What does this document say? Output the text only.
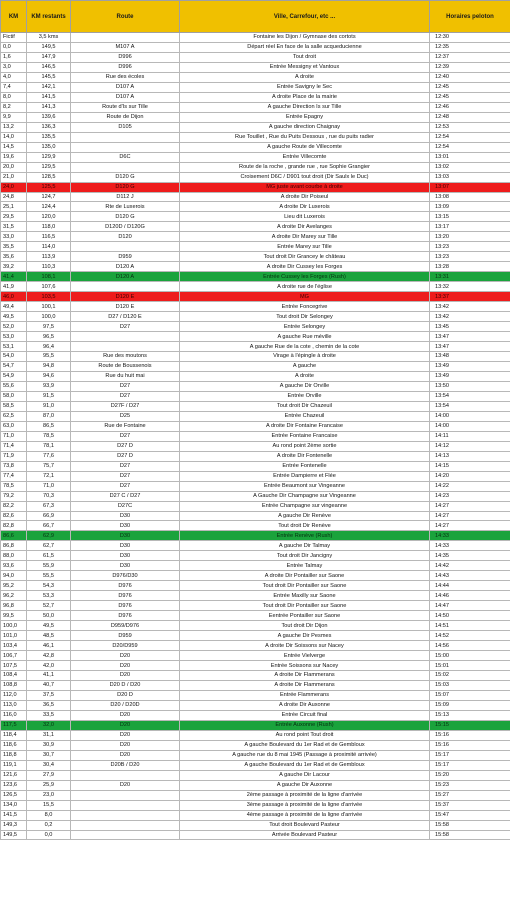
KM	KM restants	Route	Ville, Carrefour, etc ...	Horaires peloton
Fictif	3,5 kms		Fontaine les Dijon / Gymnase des cortots	12:30
0,0	149,5	M107 A	Départ réel En face de la salle acqueducienne	12:35
1,6	147,9	D996	Tout droit	12:37
3,0	146,5	D996	Entrée Messigny et Vantoux	12:39
4,0	145,5	Rue des écoles	A droite	12:40
7,4	142,1	D107 A	Entrée Savigny le Sec	12:45
8,0	141,5	D107 A	A droite Place de la mairie	12:45
8,2	141,3	Route d'Is sur Tille	A gauche Direction Is sur Tille	12:46
9,9	139,6	Route de Dijon	Entrée Epagny	12:48
13,2	136,3	D105	A gauche direction Chaignay	12:53
14,0	135,5		Rue Touillet , Rue du Puits Dessous , rue du puits radier	12:54
14,5	135,0		A gauche Route de Villecomte	12:54
19,6	129,9	D6C	Entrée Villecomte	13:01
20,0	129,5		Route de la roche , grande rue , rue Sophie Grangier	13:02
21,0	128,5	D120 G	Croisement D6C / D901 tout droit (Dir Saulx le Duc)	13:03
24,0	125,5	D120 G	MG juste avant courbe à droite	13:07
24,8	124,7	D112 J	A droite Dir Poiseul	13:08
25,1	124,4	Rte de Luxerois	A droite Dir Luxerois	13:09
29,5	120,0	D120 G	Lieu dit Luxerois	13:15
31,5	118,0	D120D / D120G	A droite Dir Avelanges	13:17
33,0	116,5	D120	A droite Dir Marey sur Tille	13:20
35,5	114,0		Entrée Marey sur Tille	13:23
35,6	113,9	D959	Tout droit Dir Grancey le château	13:23
39,2	110,3	D120 A	A droite Dir Cussey les Forges	13:28
41,4	108,1	D120 A	Entrée Cussey les Forges (Rush)	13:31
41,9	107,6		A droite rue de l'église	13:32
46,0	103,5	D120 E	MG	13:37
49,4	100,1	D120 E	Entrée Foncegrive	13:42
49,5	100,0	D27 / D120 E	Tout droit Dir Selongey	13:42
52,0	97,5	D27	Entrée Selongey	13:45
53,0	96,5		A gauche Rue méville	13:47
53,1	96,4		A gauche Rue de la cote , chemin de la cote	13:47
54,0	95,5	Rue des moutons	Virage à l'épingle à droite	13:48
54,7	94,8	Route de Boussenois	A gauche	13:49
54,9	94,6	Rue du huit mai	A droite	13:49
55,6	93,9	D27	A gauche Dir Orville	13:50
58,0	91,5	D27	Entrée Orville	13:54
58,5	91,0	D27F / D27	Tout droit Dir Chazeuil	13:54
62,5	87,0	D25	Entrée Chazeuil	14:00
63,0	86,5	Rue de Fontaine	A droite Dir Fontaine Francaise	14:00
71,0	78,5	D27	Entrée Fontaine Francaise	14:11
71,4	78,1	D27 D	Au rond point 2ème sortie	14:12
71,9	77,6	D27 D	A droite Dir Fontenelle	14:13
73,8	75,7	D27	Entrée Fontenelle	14:15
77,4	72,1	D27	Entrée Dampierre et Flée	14:20
78,5	71,0	D27	Entrée Beaumont sur Vingeanne	14:22
79,2	70,3	D27 C / D27	A Gauche Dir Champagne sur Vingeanne	14:23
82,2	67,3	D27C	Entrée Champagne sur vingeanne	14:27
82,6	66,9	D30	A gauche Dir Renève	14:27
82,8	66,7	D30	Tout droit Dir Renève	14:27
86,6	62,9	D30	Entrée Renève (Rush)	14:33
86,8	62,7	D30	A gauche Dir Talmay	14:33
88,0	61,5	D30	Tout droit Dir Jancigny	14:35
93,6	55,9	D30	Entrée Talmay	14:42
94,0	55,5	D976/D30	A droite Dir Pontailler sur Saone	14:43
95,2	54,3	D976	Tout droit Dir Pontailler sur Saone	14:44
96,2	53,3	D976	Entrée Maxilly sur Saone	14:46
96,8	52,7	D976	Tout droit Dir Pontailler sur Saone	14:47
99,5	50,0	D976	Eentrée Pontailler sur Saone	14:50
100,0	49,5	D959/D976	Tout droit Dir Dijon	14:51
101,0	48,5	D959	A gauche Dir Pesmes	14:52
103,4	46,1	D20/D959	A droite Dir Soissons sur Nacey	14:56
106,7	42,8	D20	Entrée Vielverge	15:00
107,5	42,0	D20	Entrée Soissons sur Nacey	15:01
108,4	41,1	D20	A droite Dir Flammerans	15:02
108,8	40,7	D20 D / D20	A droite Dir Flammerans	15:03
112,0	37,5	D20 D	Entrée Flammerans	15:07
113,0	36,5	D20 / D20D	A droite Dir Auxonne	15:09
116,0	33,5	D20	Entrée Circuit final	15:13
117,5	32,0	D20	Entrée Auxonne (Rush)	15:15
118,4	31,1	D20	Au rond point Tout droit	15:16
118,6	30,9	D20	A gauche Boulevard du 1er Rad et de Gembloux	15:16
118,8	30,7	D20	A gauche rue du 8 mai 1945 (Passage à proximité arrivée)	15:17
119,1	30,4	D20B / D20	A gauche Boulevard du 1er Rad et de Gembloux	15:17
121,6	27,9		A gauche Dir Lacour	15:20
123,6	25,9	D20	A gauche Dir Auxonne	15:23
126,5	23,0		2ème passage à proximité de la ligne d'arrivée	15:27
134,0	15,5		3ème passage à proximité de la ligne d'arrivée	15:37
141,5	8,0		4ème passage à proximité de la ligne d'arrivée	15:47
149,3	0,2		Tout droit Boulevard Pasteur	15:58
149,5	0,0		Arrivée Boulevard Pasteur	15:58
